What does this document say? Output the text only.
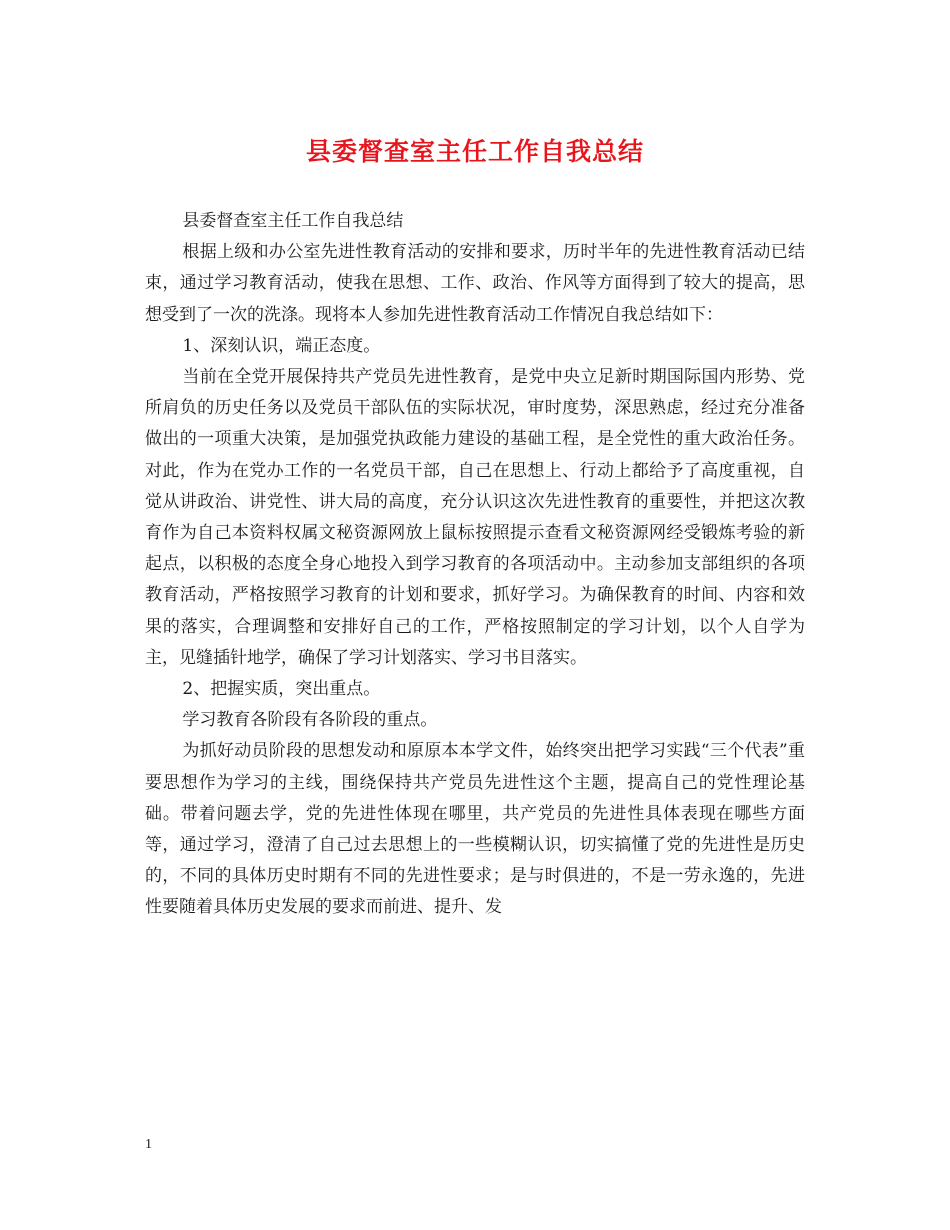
县委督查室主任工作自我总结

县委督查室主任工作自我总结

根据上级和办公室先进性教育活动的安排和要求，历时半年的先进性教育活动已结束，通过学习教育活动，使我在思想、工作、政治、作风等方面得到了较大的提高，思想受到了一次的洗涤。现将本人参加先进性教育活动工作情况自我总结如下：

1、深刻认识，端正态度。

当前在全党开展保持共产党员先进性教育，是党中央立足新时期国际国内形势、党所肩负的历史任务以及党员干部队伍的实际状况，审时度势，深思熟虑，经过充分准备做出的一项重大决策，是加强党执政能力建设的基础工程，是全党性的重大政治任务。对此，作为在党办工作的一名党员干部，自己在思想上、行动上都给予了高度重视，自觉从讲政治、讲党性、讲大局的高度，充分认识这次先进性教育的重要性，并把这次教育作为自己本资料权属文秘资源网放上鼠标按照提示查看文秘资源网经受锻炼考验的新起点，以积极的态度全身心地投入到学习教育的各项活动中。主动参加支部组织的各项教育活动，严格按照学习教育的计划和要求，抓好学习。为确保教育的时间、内容和效果的落实，合理调整和安排好自己的工作，严格按照制定的学习计划，以个人自学为主，见缝插针地学，确保了学习计划落实、学习书目落实。

2、把握实质，突出重点。

学习教育各阶段有各阶段的重点。

为抓好动员阶段的思想发动和原原本本学文件，始终突出把学习实践“三个代表”重要思想作为学习的主线，围绕保持共产党员先进性这个主题，提高自己的党性理论基础。带着问题去学，党的先进性体现在哪里，共产党员的先进性具体表现在哪些方面等，通过学习，澄清了自己过去思想上的一些模糊认识，切实搞懂了党的先进性是历史的，不同的具体历史时期有不同的先进性要求；是与时俱进的，不是一劳永逸的，先进性要随着具体历史发展的要求而前进、提升、发

1
